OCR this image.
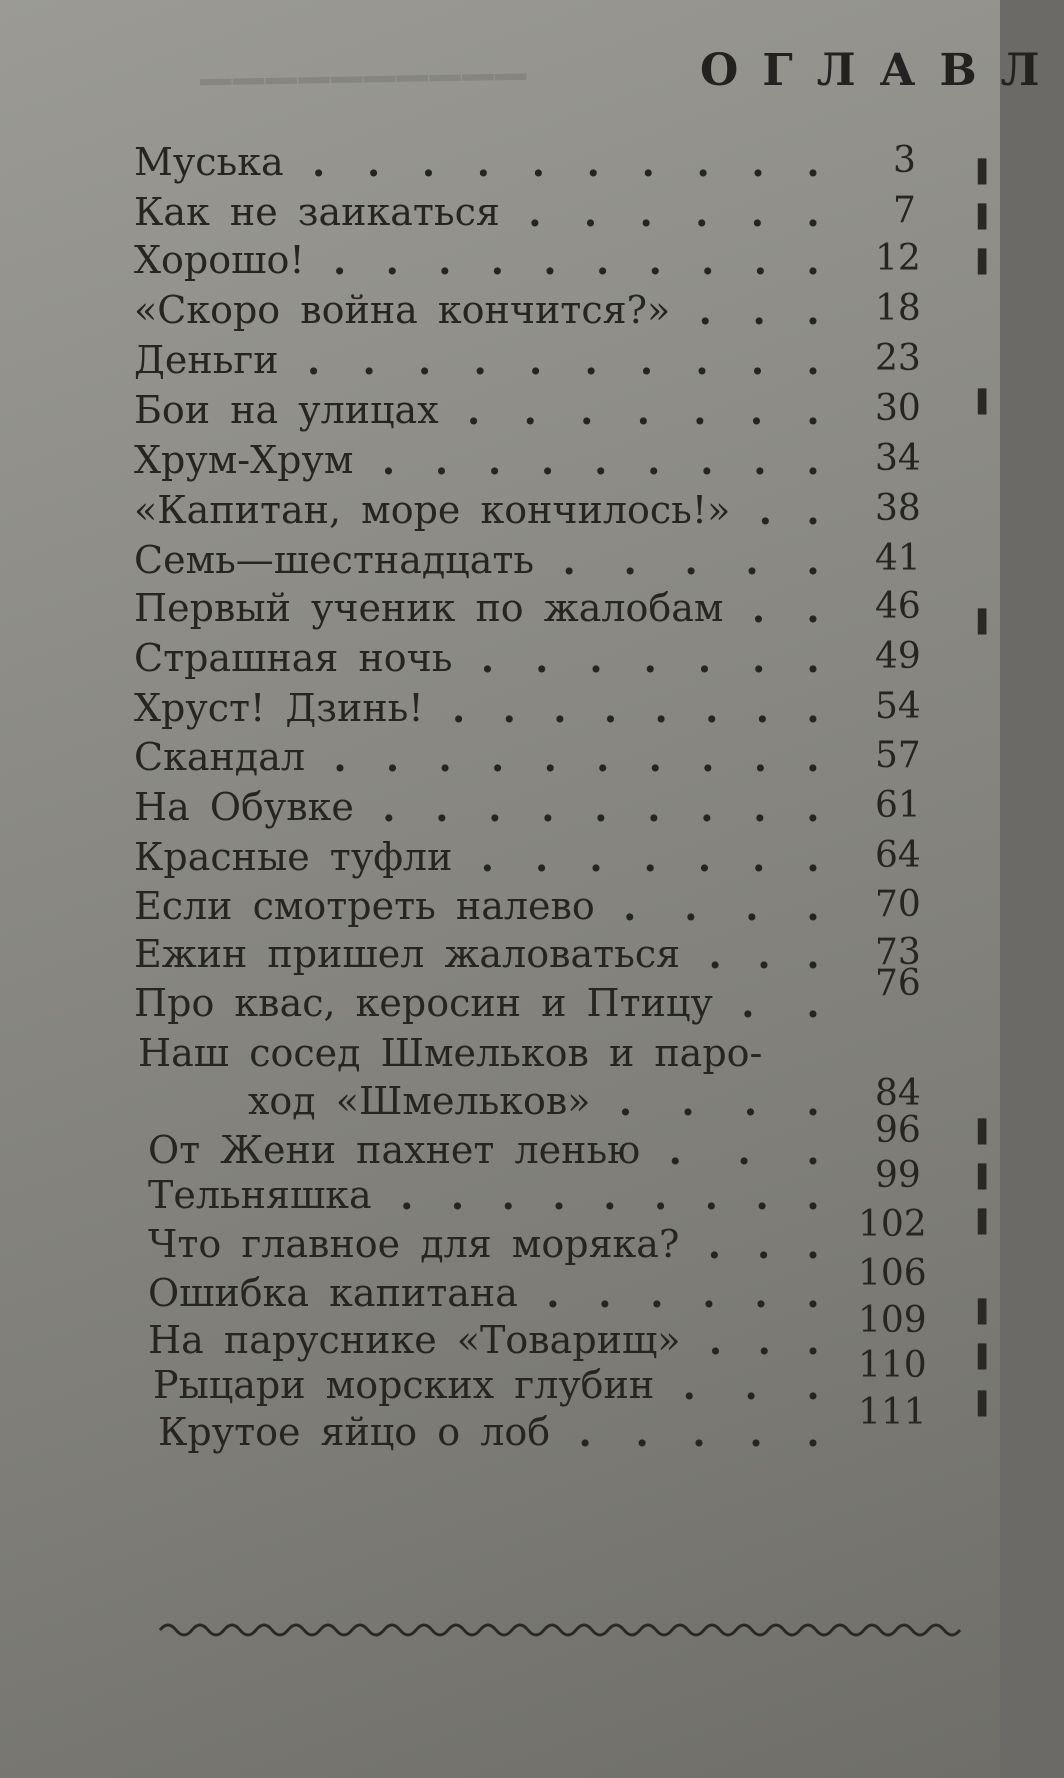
▁▁▁▁▁▁▁▁▁▁	ОГЛАВЛ
Муська	3
. . . . . . . . . .
Как не заикаться	7
. . . . . .
Хорошо!	12
. . . . . . . . . .
«Скоро война кончится?»	18
. . .
Деньги	23
. . . . . . . . . .
Бои на улицах	30
. . . . . . .
Хрум-Хрум	34
. . . . . . . . .
«Капитан, море кончилось!»	38
. .
Семь—шестнадцать	41
. . . . .
Первый ученик по жалобам	46
. .
Страшная ночь	49
. . . . . . .
Хруст! Дзинь!	54
. . . . . . . .
Скандал	57
. . . . . . . . . .
На Обувке	61
. . . . . . . . .
Красные туфли	64
. . . . . . .
Если смотреть налево	70
. . . .
Ежин пришел жаловаться	73
. . .
Про квас, керосин и Птицу	76
. .
Наш сосед Шмельков и паро-
ход «Шмельков»	84
. . . .
От Жени пахнет ленью	96
. . .
Тельняшка	99
. . . . . . . . .
Что главное для моряка?	102
. . .
Ошибка капитана	106
. . . . . .
На паруснике «Товарищ»	109
. . .
Рыцари морских глубин	110
. . .
Крутое яйцо о лоб	111
. . . . .
▌
▌
▌
▌
▌
▌
▌
▌
▌
▌
▌
